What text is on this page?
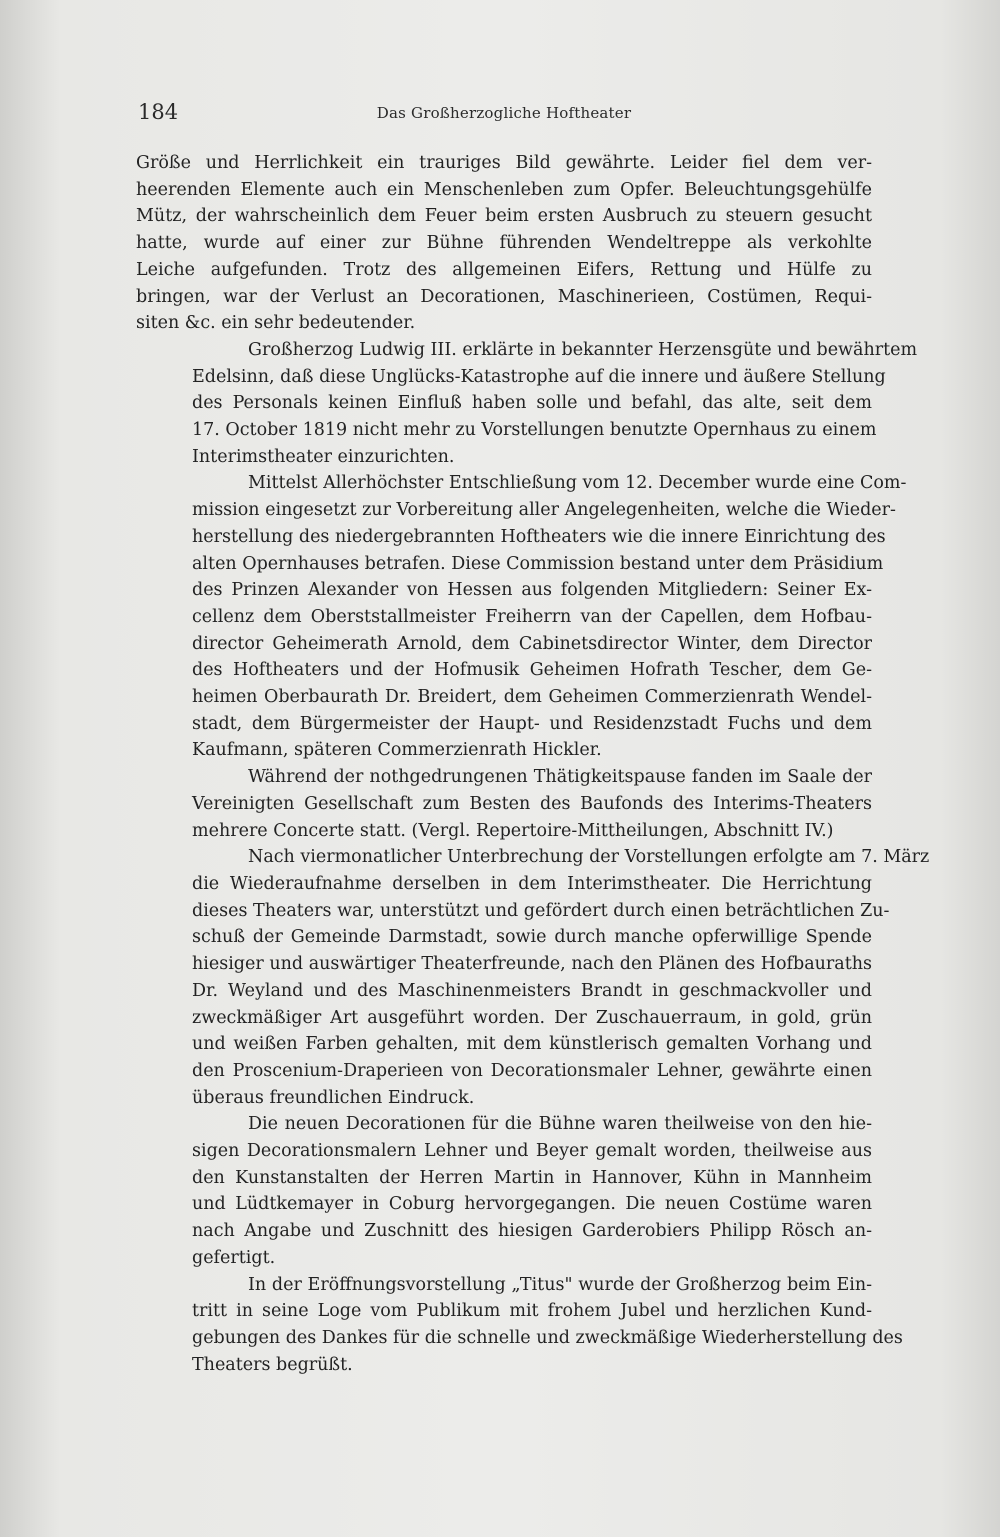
184	Das Großherzogliche Hoftheater

Größe und Herrlichkeit ein trauriges Bild gewährte. Leider fiel dem ver-
heerenden Elemente auch ein Menschenleben zum Opfer. Beleuchtungsgehülfe
Mütz, der wahrscheinlich dem Feuer beim ersten Ausbruch zu steuern gesucht
hatte, wurde auf einer zur Bühne führenden Wendeltreppe als verkohlte
Leiche aufgefunden. Trotz des allgemeinen Eifers, Rettung und Hülfe zu
bringen, war der Verlust an Decorationen, Maschinerieen, Costümen, Requi-
siten &c. ein sehr bedeutender.

Großherzog Ludwig III. erklärte in bekannter Herzensgüte und bewährtem
Edelsinn, daß diese Unglücks-Katastrophe auf die innere und äußere Stellung
des Personals keinen Einfluß haben solle und befahl, das alte, seit dem
17. October 1819 nicht mehr zu Vorstellungen benutzte Opernhaus zu einem
Interimstheater einzurichten.

Mittelst Allerhöchster Entschließung vom 12. December wurde eine Com-
mission eingesetzt zur Vorbereitung aller Angelegenheiten, welche die Wieder-
herstellung des niedergebrannten Hoftheaters wie die innere Einrichtung des
alten Opernhauses betrafen. Diese Commission bestand unter dem Präsidium
des Prinzen Alexander von Hessen aus folgenden Mitgliedern: Seiner Ex-
cellenz dem Oberststallmeister Freiherrn van der Capellen, dem Hofbau-
director Geheimerath Arnold, dem Cabinetsdirector Winter, dem Director
des Hoftheaters und der Hofmusik Geheimen Hofrath Tescher, dem Ge-
heimen Oberbaurath Dr. Breidert, dem Geheimen Commerzienrath Wendel-
stadt, dem Bürgermeister der Haupt- und Residenzstadt Fuchs und dem
Kaufmann, späteren Commerzienrath Hickler.

Während der nothgedrungenen Thätigkeitspause fanden im Saale der
Vereinigten Gesellschaft zum Besten des Baufonds des Interims-Theaters
mehrere Concerte statt. (Vergl. Repertoire-Mittheilungen, Abschnitt IV.)

Nach viermonatlicher Unterbrechung der Vorstellungen erfolgte am 7. März
die Wiederaufnahme derselben in dem Interimstheater. Die Herrichtung
dieses Theaters war, unterstützt und gefördert durch einen beträchtlichen Zu-
schuß der Gemeinde Darmstadt, sowie durch manche opferwillige Spende
hiesiger und auswärtiger Theaterfreunde, nach den Plänen des Hofbauraths
Dr. Weyland und des Maschinenmeisters Brandt in geschmackvoller und
zweckmäßiger Art ausgeführt worden. Der Zuschauerraum, in gold, grün
und weißen Farben gehalten, mit dem künstlerisch gemalten Vorhang und
den Proscenium-Draperieen von Decorationsmaler Lehner, gewährte einen
überaus freundlichen Eindruck.

Die neuen Decorationen für die Bühne waren theilweise von den hie-
sigen Decorationsmalern Lehner und Beyer gemalt worden, theilweise aus
den Kunstanstalten der Herren Martin in Hannover, Kühn in Mannheim
und Lüdtkemayer in Coburg hervorgegangen. Die neuen Costüme waren
nach Angabe und Zuschnitt des hiesigen Garderobiers Philipp Rösch an-
gefertigt.

In der Eröffnungsvorstellung „Titus" wurde der Großherzog beim Ein-
tritt in seine Loge vom Publikum mit frohem Jubel und herzlichen Kund-
gebungen des Dankes für die schnelle und zweckmäßige Wiederherstellung des
Theaters begrüßt.
